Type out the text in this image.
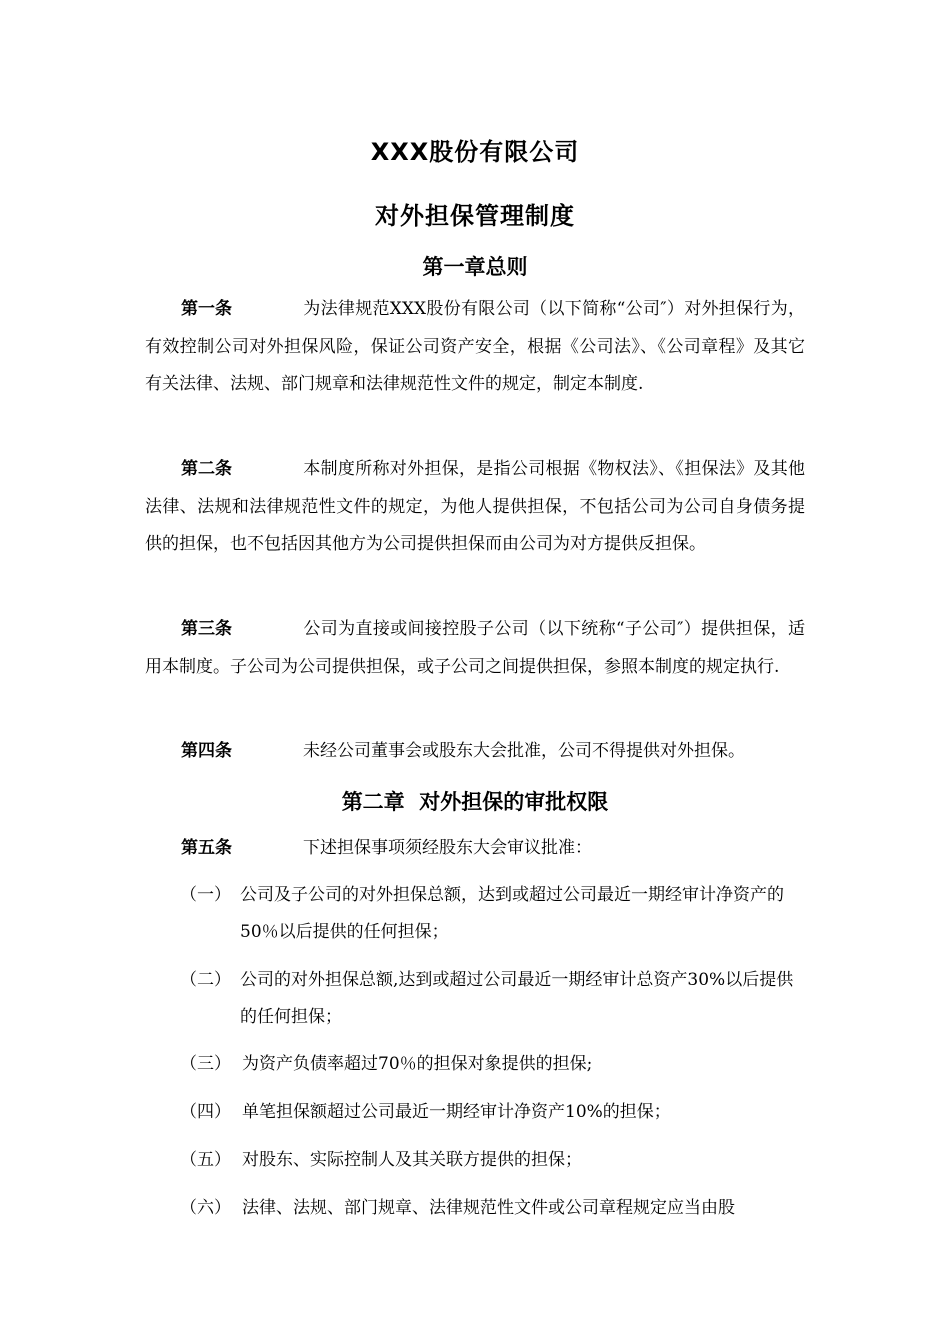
XXX股份有限公司
对外担保管理制度
第一章总则

第一条	为法律规范XXX股份有限公司（以下简称“公司″）对外担保行为，有效控制公司对外担保风险，保证公司资产安全，根据《公司法》、《公司章程》及其它有关法律、法规、部门规章和法律规范性文件的规定，制定本制度.

第二条	本制度所称对外担保，是指公司根据《物权法》、《担保法》及其他法律、法规和法律规范性文件的规定，为他人提供担保，不包括公司为公司自身债务提供的担保，也不包括因其他方为公司提供担保而由公司为对方提供反担保。

第三条	公司为直接或间接控股子公司（以下统称“子公司″）提供担保，适用本制度。子公司为公司提供担保，或子公司之间提供担保，参照本制度的规定执行.

第四条	未经公司董事会或股东大会批准，公司不得提供对外担保。

第二章  对外担保的审批权限

第五条	下述担保事项须经股东大会审议批准：

（一） 公司及子公司的对外担保总额，达到或超过公司最近一期经审计净资产的50％以后提供的任何担保；
（二） 公司的对外担保总额,达到或超过公司最近一期经审计总资产30%以后提供的任何担保；
（三） 为资产负债率超过70％的担保对象提供的担保;
（四） 单笔担保额超过公司最近一期经审计净资产10%的担保；
（五） 对股东、实际控制人及其关联方提供的担保；
（六） 法律、法规、部门规章、法律规范性文件或公司章程规定应当由股
